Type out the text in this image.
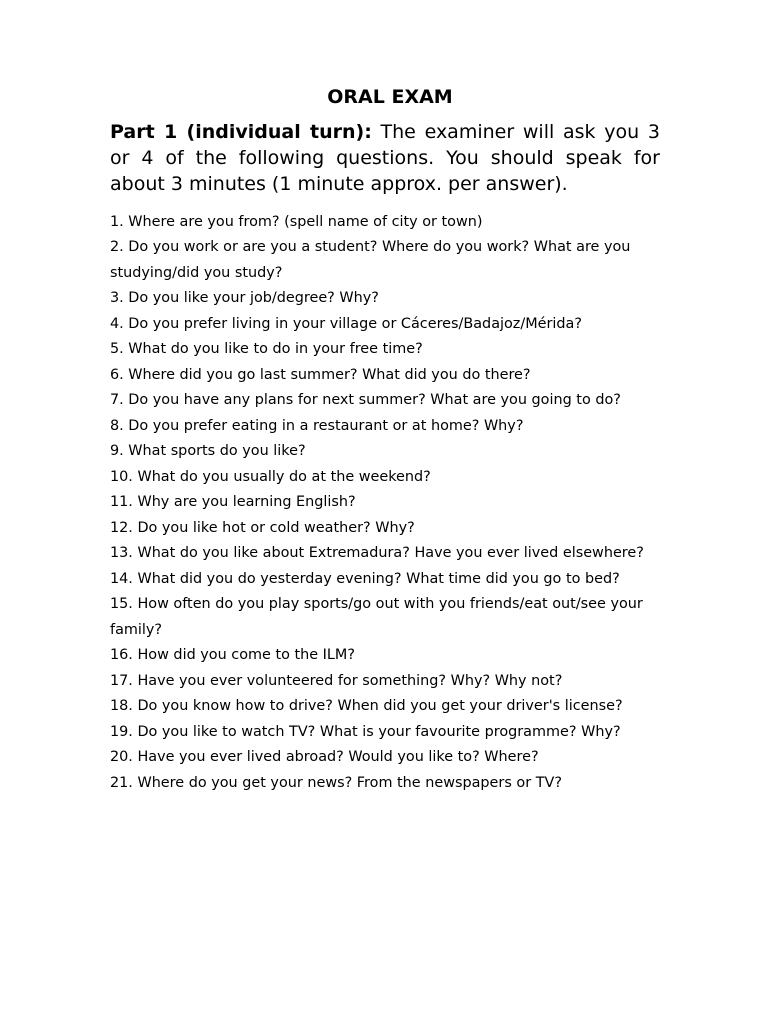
ORAL EXAM

Part 1 (individual turn): The examiner will ask you 3 or 4 of the following questions. You should speak for about 3 minutes (1 minute approx. per answer).

1. Where are you from? (spell name of city or town)
2. Do you work or are you a student? Where do you work? What are you studying/did you study?
3. Do you like your job/degree? Why?
4. Do you prefer living in your village or Cáceres/Badajoz/Mérida?
5. What do you like to do in your free time?
6. Where did you go last summer? What did you do there?
7. Do you have any plans for next summer? What are you going to do?
8. Do you prefer eating in a restaurant or at home? Why?
9. What sports do you like?
10. What do you usually do at the weekend?
11. Why are you learning English?
12. Do you like hot or cold weather? Why?
13. What do you like about Extremadura? Have you ever lived elsewhere?
14. What did you do yesterday evening? What time did you go to bed?
15. How often do you play sports/go out with you friends/eat out/see your family?
16. How did you come to the ILM?
17. Have you ever volunteered for something? Why? Why not?
18. Do you know how to drive? When did you get your driver's license?
19. Do you like to watch TV? What is your favourite programme? Why?
20. Have you ever lived abroad? Would you like to? Where?
21. Where do you get your news? From the newspapers or TV?
